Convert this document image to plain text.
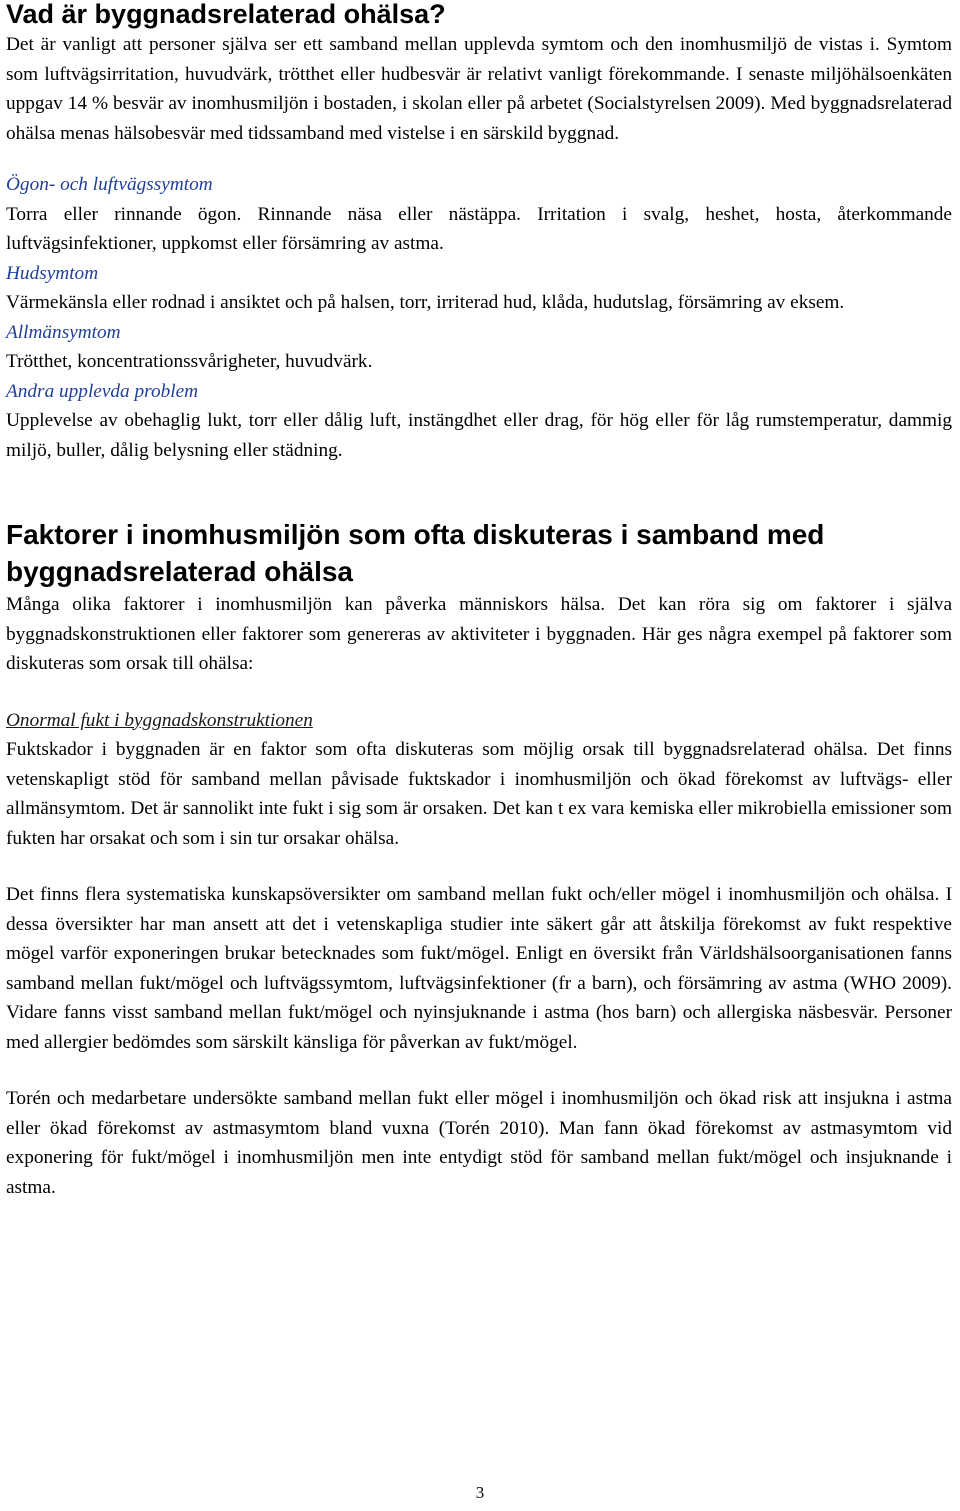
Vad är byggnadsrelaterad ohälsa?

Det är vanligt att personer själva ser ett samband mellan upplevda symtom och den inomhusmiljö de vistas i. Symtom som luftvägsirritation, huvudvärk, trötthet eller hudbesvär är relativt vanligt förekommande. I senaste miljöhälsoenkäten uppgav 14 % besvär av inomhusmiljön i bostaden, i skolan eller på arbetet (Socialstyrelsen 2009). Med byggnadsrelaterad ohälsa menas hälsobesvär med tidssamband med vistelse i en särskild byggnad.

Ögon- och luftvägssymtom

Torra eller rinnande ögon. Rinnande näsa eller nästäppa. Irritation i svalg, heshet, hosta, återkommande luftvägsinfektioner, uppkomst eller försämring av astma.

Hudsymtom

Värmekänsla eller rodnad i ansiktet och på halsen, torr, irriterad hud, klåda, hudutslag, försämring av eksem.

Allmänsymtom

Trötthet, koncentrationssvårigheter, huvudvärk.

Andra upplevda problem

Upplevelse av obehaglig lukt, torr eller dålig luft, instängdhet eller drag, för hög eller för låg rumstemperatur, dammig miljö, buller, dålig belysning eller städning.

Faktorer i inomhusmiljön som ofta diskuteras i samband med byggnadsrelaterad ohälsa

Många olika faktorer i inomhusmiljön kan påverka människors hälsa. Det kan röra sig om faktorer i själva byggnadskonstruktionen eller faktorer som genereras av aktiviteter i byggnaden. Här ges några exempel på faktorer som diskuteras som orsak till ohälsa:

Onormal fukt i byggnadskonstruktionen

Fuktskador i byggnaden är en faktor som ofta diskuteras som möjlig orsak till byggnadsrelaterad ohälsa. Det finns vetenskapligt stöd för samband mellan påvisade fuktskador i inomhusmiljön och ökad förekomst av luftvägs- eller allmänsymtom. Det är sannolikt inte fukt i sig som är orsaken. Det kan t ex vara kemiska eller mikrobiella emissioner som fukten har orsakat och som i sin tur orsakar ohälsa.

Det finns flera systematiska kunskapsöversikter om samband mellan fukt och/eller mögel i inomhusmiljön och ohälsa. I dessa översikter har man ansett att det i vetenskapliga studier inte säkert går att åtskilja förekomst av fukt respektive mögel varför exponeringen brukar betecknades som fukt/mögel. Enligt en översikt från Världshälsoorganisationen fanns samband mellan fukt/mögel och luftvägssymtom, luftvägsinfektioner (fr a barn), och försämring av astma (WHO 2009). Vidare fanns visst samband mellan fukt/mögel och nyinsjuknande i astma (hos barn) och allergiska näsbesvär. Personer med allergier bedömdes som särskilt känsliga för påverkan av fukt/mögel.

Torén och medarbetare undersökte samband mellan fukt eller mögel i inomhusmiljön och ökad risk att insjukna i astma eller ökad förekomst av astmasymtom bland vuxna (Torén 2010). Man fann ökad förekomst av astmasymtom vid exponering för fukt/mögel i inomhusmiljön men inte entydigt stöd för samband mellan fukt/mögel och insjuknande i astma.

3
